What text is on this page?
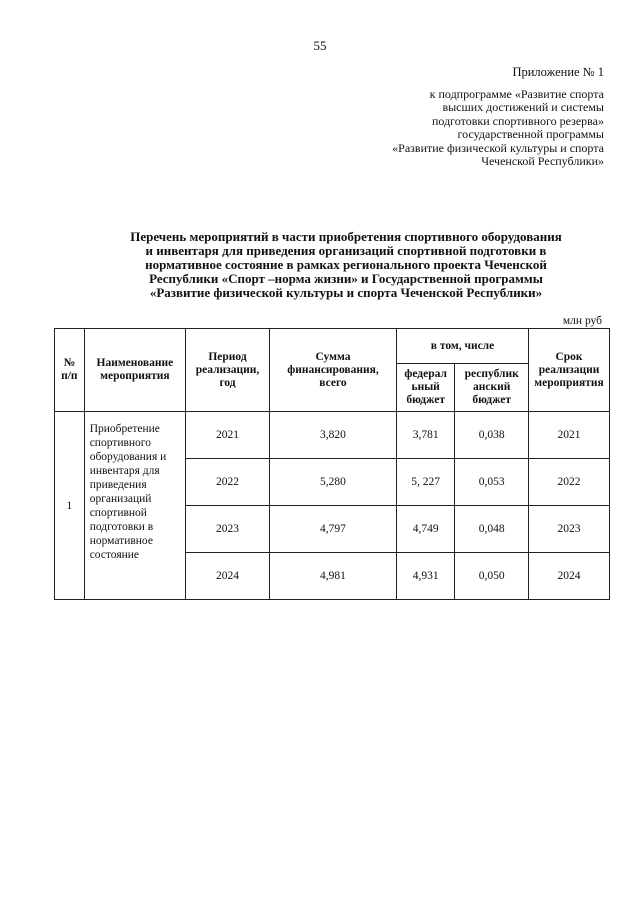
55
Приложение № 1
к подпрограмме «Развитие спорта
высших достижений и системы
подготовки спортивного резерва»
государственной программы
«Развитие физической культуры и спорта
Чеченской Республики»
Перечень мероприятий в части приобретения спортивного оборудования
и инвентаря для приведения организаций спортивной подготовки в
нормативное состояние в рамках регионального проекта Чеченской
Республики «Спорт –норма жизни» и Государственной программы
«Развитие физической культуры и спорта Чеченской Республики»
млн руб
№ п/п	Наименование мероприятия	Период реализации, год	Сумма финансирования, всего	в том, числе		Срок реализации мероприятия
				федерал ьный бюджет	республик анский бюджет	
1	Приобретение спортивного оборудования и инвентаря для приведения организаций спортивной подготовки в нормативное состояние	2021	3,820	3,781	0,038	2021
		2022	5,280	5, 227	0,053	2022
		2023	4,797	4,749	0,048	2023
		2024	4,981	4,931	0,050	2024
